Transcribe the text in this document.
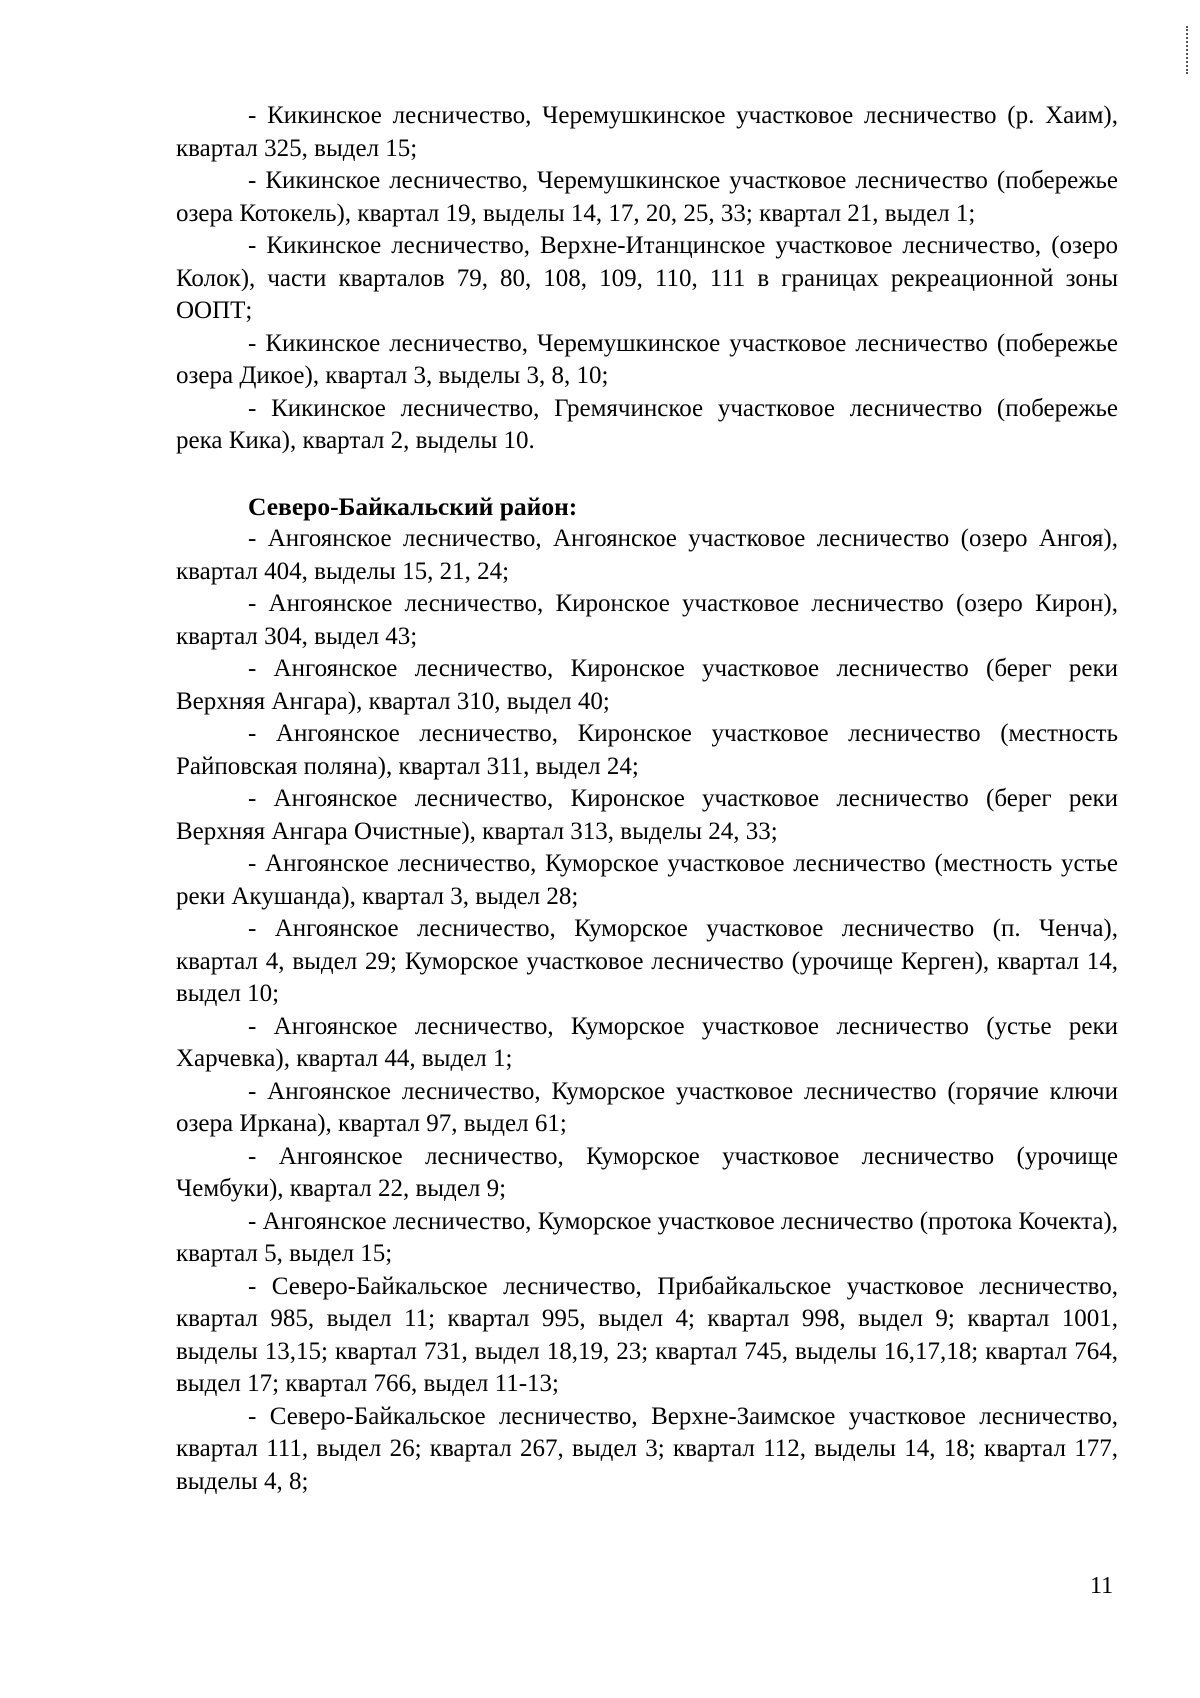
- Кикинское лесничество, Черемушкинское участковое лесничество (р. Хаим), квартал 325, выдел 15;

- Кикинское лесничество, Черемушкинское участковое лесничество (побережье озера Котокель), квартал 19, выделы 14, 17, 20, 25, 33; квартал 21, выдел 1;

- Кикинское лесничество, Верхне-Итанцинское участковое лесничество, (озеро Колок), части кварталов 79, 80, 108, 109, 110, 111 в границах рекреационной зоны ООПТ;

- Кикинское лесничество, Черемушкинское участковое лесничество (побережье озера Дикое), квартал 3, выделы 3, 8, 10;

- Кикинское лесничество, Гремячинское участковое лесничество (побережье река Кика), квартал 2, выделы 10.

Северо-Байкальский район:

- Ангоянское лесничество, Ангоянское участковое лесничество (озеро Ангоя), квартал 404, выделы 15, 21, 24;

- Ангоянское лесничество, Киронское участковое лесничество (озеро Кирон), квартал 304, выдел 43;

- Ангоянское лесничество, Киронское участковое лесничество (берег реки Верхняя Ангара), квартал 310, выдел 40;

- Ангоянское лесничество, Киронское участковое лесничество (местность Райповская поляна), квартал 311, выдел 24;

- Ангоянское лесничество, Киронское участковое лесничество (берег реки Верхняя Ангара Очистные), квартал 313, выделы 24, 33;

- Ангоянское лесничество, Куморское участковое лесничество (местность устье реки Акушанда), квартал 3, выдел 28;

- Ангоянское лесничество, Куморское участковое лесничество (п. Ченча), квартал 4, выдел 29; Куморское участковое лесничество (урочище Керген), квартал 14, выдел 10;

- Ангоянское лесничество, Куморское участковое лесничество (устье реки Харчевка), квартал 44, выдел 1;

- Ангоянское лесничество, Куморское участковое лесничество (горячие ключи озера Иркана), квартал 97, выдел 61;

- Ангоянское лесничество, Куморское участковое лесничество (урочище Чембуки), квартал 22, выдел 9;

- Ангоянское лесничество, Куморское участковое лесничество (протока Кочекта), квартал 5, выдел 15;

- Северо-Байкальское лесничество, Прибайкальское участковое лесничество, квартал 985, выдел 11; квартал 995, выдел 4; квартал 998, выдел 9; квартал 1001, выделы 13,15; квартал 731, выдел 18,19, 23; квартал 745, выделы 16,17,18; квартал 764, выдел 17; квартал 766, выдел 11-13;

- Северо-Байкальское лесничество, Верхне-Заимское участковое лесничество, квартал 111, выдел 26; квартал 267, выдел 3; квартал 112, выделы 14, 18; квартал 177, выделы 4, 8;

11
